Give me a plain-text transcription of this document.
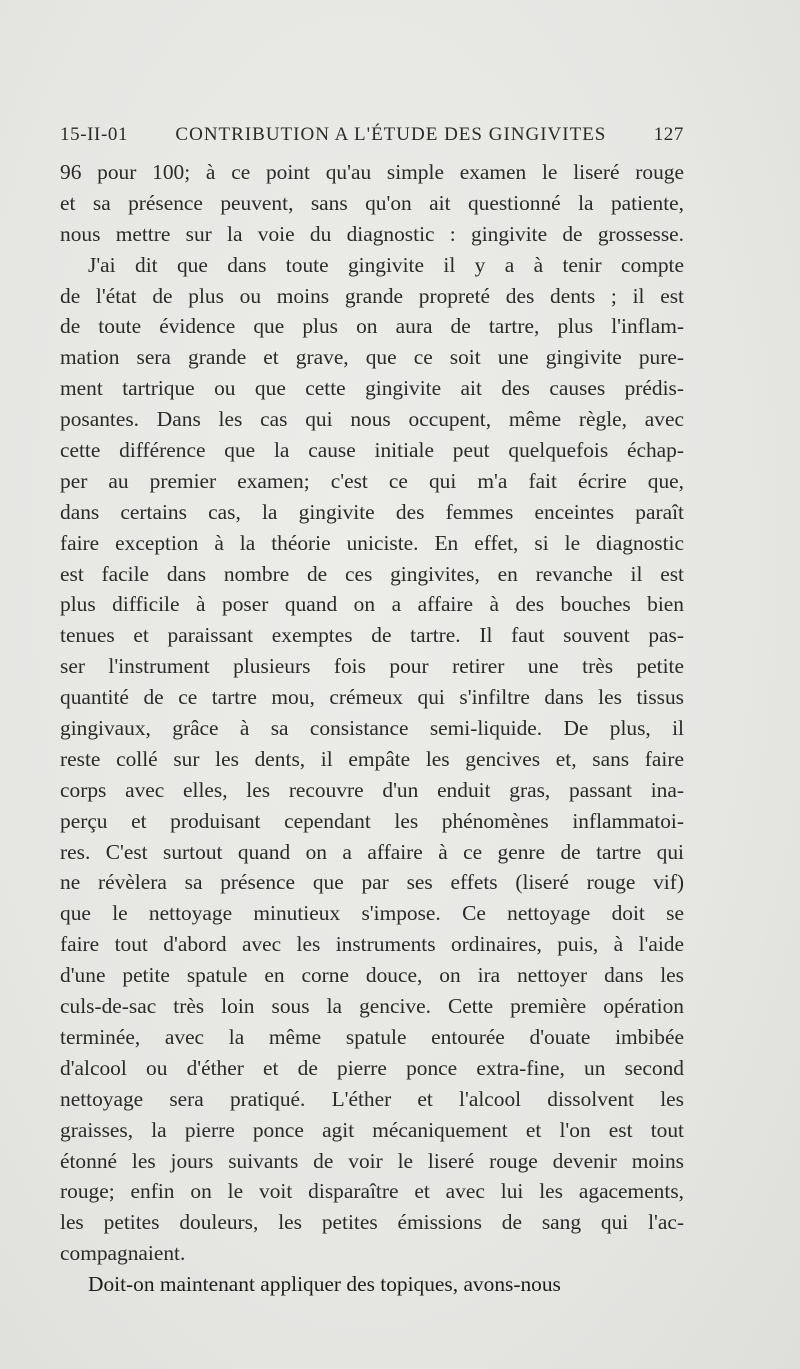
15-II-01 CONTRIBUTION A L'ÉTUDE DES GINGIVITES 127
96 pour 100; à ce point qu'au simple examen le liseré rouge
et sa présence peuvent, sans qu'on ait questionné la patiente,
nous mettre sur la voie du diagnostic : gingivite de grossesse.
J'ai dit que dans toute gingivite il y a à tenir compte
de l'état de plus ou moins grande propreté des dents ; il est
de toute évidence que plus on aura de tartre, plus l'inflam-
mation sera grande et grave, que ce soit une gingivite pure-
ment tartrique ou que cette gingivite ait des causes prédis-
posantes. Dans les cas qui nous occupent, même règle, avec
cette différence que la cause initiale peut quelquefois échap-
per au premier examen; c'est ce qui m'a fait écrire que,
dans certains cas, la gingivite des femmes enceintes paraît
faire exception à la théorie uniciste. En effet, si le diagnostic
est facile dans nombre de ces gingivites, en revanche il est
plus difficile à poser quand on a affaire à des bouches bien
tenues et paraissant exemptes de tartre. Il faut souvent pas-
ser l'instrument plusieurs fois pour retirer une très petite
quantité de ce tartre mou, crémeux qui s'infiltre dans les tissus
gingivaux, grâce à sa consistance semi-liquide. De plus, il
reste collé sur les dents, il empâte les gencives et, sans faire
corps avec elles, les recouvre d'un enduit gras, passant ina-
perçu et produisant cependant les phénomènes inflammatoi-
res. C'est surtout quand on a affaire à ce genre de tartre qui
ne révèlera sa présence que par ses effets (liseré rouge vif)
que le nettoyage minutieux s'impose. Ce nettoyage doit se
faire tout d'abord avec les instruments ordinaires, puis, à l'aide
d'une petite spatule en corne douce, on ira nettoyer dans les
culs-de-sac très loin sous la gencive. Cette première opération
terminée, avec la même spatule entourée d'ouate imbibée
d'alcool ou d'éther et de pierre ponce extra-fine, un second
nettoyage sera pratiqué. L'éther et l'alcool dissolvent les
graisses, la pierre ponce agit mécaniquement et l'on est tout
étonné les jours suivants de voir le liseré rouge devenir moins
rouge; enfin on le voit disparaître et avec lui les agacements,
les petites douleurs, les petites émissions de sang qui l'ac-
compagnaient.
Doit-on maintenant appliquer des topiques, avons-nous
